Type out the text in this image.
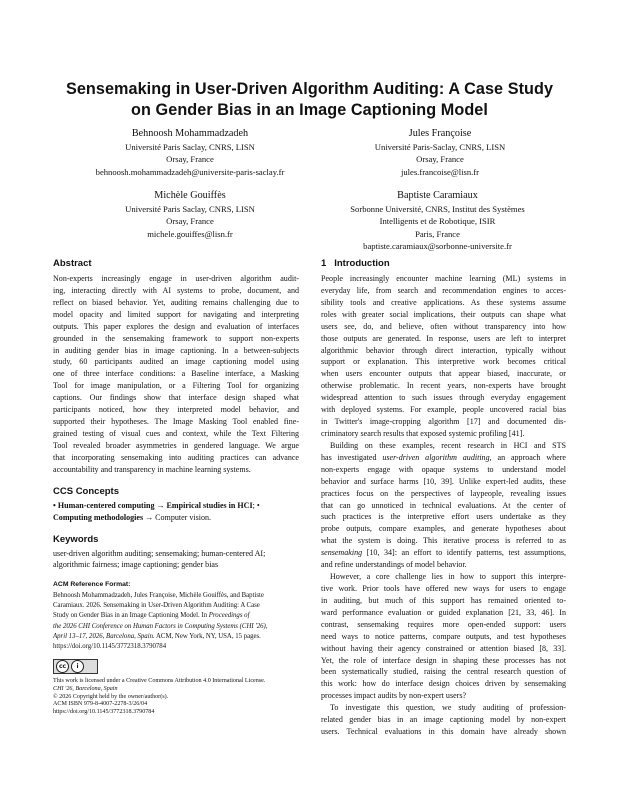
Sensemaking in User-Driven Algorithm Auditing: A Case Study
on Gender Bias in an Image Captioning Model
Behnoosh Mohammadzadeh
Université Paris Saclay, CNRS, LISN
Orsay, France
behnoosh.mohammadzadeh@universite-paris-saclay.fr
Jules Françoise
Université Paris-Saclay, CNRS, LISN
Orsay, France
jules.francoise@lisn.fr
Michèle Gouiffès
Université Paris Saclay, CNRS, LISN
Orsay, France
michele.gouiffes@lisn.fr
Baptiste Caramiaux
Sorbonne Université, CNRS, Institut des Systèmes
Intelligents et de Robotique, ISIR
Paris, France
baptiste.caramiaux@sorbonne-universite.fr
Abstract
Non-experts increasingly engage in user-driven algorithm audit-
ing, interacting directly with AI systems to probe, document, and
reflect on biased behavior. Yet, auditing remains challenging due to
model opacity and limited support for navigating and interpreting
outputs. This paper explores the design and evaluation of interfaces
grounded in the sensemaking framework to support non-experts
in auditing gender bias in image captioning. In a between-subjects
study, 60 participants audited an image captioning model using
one of three interface conditions: a Baseline interface, a Masking
Tool for image manipulation, or a Filtering Tool for organizing
captions. Our findings show that interface design shaped what
participants noticed, how they interpreted model behavior, and
supported their hypotheses. The Image Masking Tool enabled fine-
grained testing of visual cues and context, while the Text Filtering
Tool revealed broader asymmetries in gendered language. We argue
that incorporating sensemaking into auditing practices can advance
accountability and transparency in machine learning systems.
CCS Concepts
• Human-centered computing → Empirical studies in HCI; •
Computing methodologies → Computer vision.
Keywords
user-driven algorithm auditing; sensemaking; human-centered AI;
algorithmic fairness; image captioning; gender bias
ACM Reference Format:
Behnoosh Mohammadzadeh, Jules Françoise, Michèle Gouiffès, and Baptiste
Caramiaux. 2026. Sensemaking in User-Driven Algorithm Auditing: A Case
Study on Gender Bias in an Image Captioning Model. In Proceedings of
the 2026 CHI Conference on Human Factors in Computing Systems (CHI '26),
April 13–17, 2026, Barcelona, Spain. ACM, New York, NY, USA, 15 pages.
https://doi.org/10.1145/3772318.3790784
cc	i
This work is licensed under a Creative Commons Attribution 4.0 International License.
CHI '26, Barcelona, Spain
© 2026 Copyright held by the owner/author(s).
ACM ISBN 979-8-4007-2278-3/26/04
https://doi.org/10.1145/3772318.3790784
1 Introduction
People increasingly encounter machine learning (ML) systems in
everyday life, from search and recommendation engines to acces-
sibility tools and creative applications. As these systems assume
roles with greater social implications, their outputs can shape what
users see, do, and believe, often without transparency into how
those outputs are generated. In response, users are left to interpret
algorithmic behavior through direct interaction, typically without
support or explanation. This interpretive work becomes critical
when users encounter outputs that appear biased, inaccurate, or
otherwise problematic. In recent years, non-experts have brought
widespread attention to such issues through everyday engagement
with deployed systems. For example, people uncovered racial bias
in Twitter's image-cropping algorithm [17] and documented dis-
criminatory search results that exposed systemic profiling [41].
Building on these examples, recent research in HCI and STS
has investigated user-driven algorithm auditing, an approach where
non-experts engage with opaque systems to understand model
behavior and surface harms [10, 39]. Unlike expert-led audits, these
practices focus on the perspectives of laypeople, revealing issues
that can go unnoticed in technical evaluations. At the center of
such practices is the interpretive effort users undertake as they
probe outputs, compare examples, and generate hypotheses about
what the system is doing. This iterative process is referred to as
sensemaking [10, 34]: an effort to identify patterns, test assumptions,
and refine understandings of model behavior.
However, a core challenge lies in how to support this interpre-
tive work. Prior tools have offered new ways for users to engage
in auditing, but much of this support has remained oriented to-
ward performance evaluation or guided explanation [21, 33, 46]. In
contrast, sensemaking requires more open-ended support: users
need ways to notice patterns, compare outputs, and test hypotheses
without having their agency constrained or attention biased [8, 33].
Yet, the role of interface design in shaping these processes has not
been systematically studied, raising the central research question of
this work: how do interface design choices driven by sensemaking
processes impact audits by non-expert users?
To investigate this question, we study auditing of profession-
related gender bias in an image captioning model by non-expert
users. Technical evaluations in this domain have already shown
